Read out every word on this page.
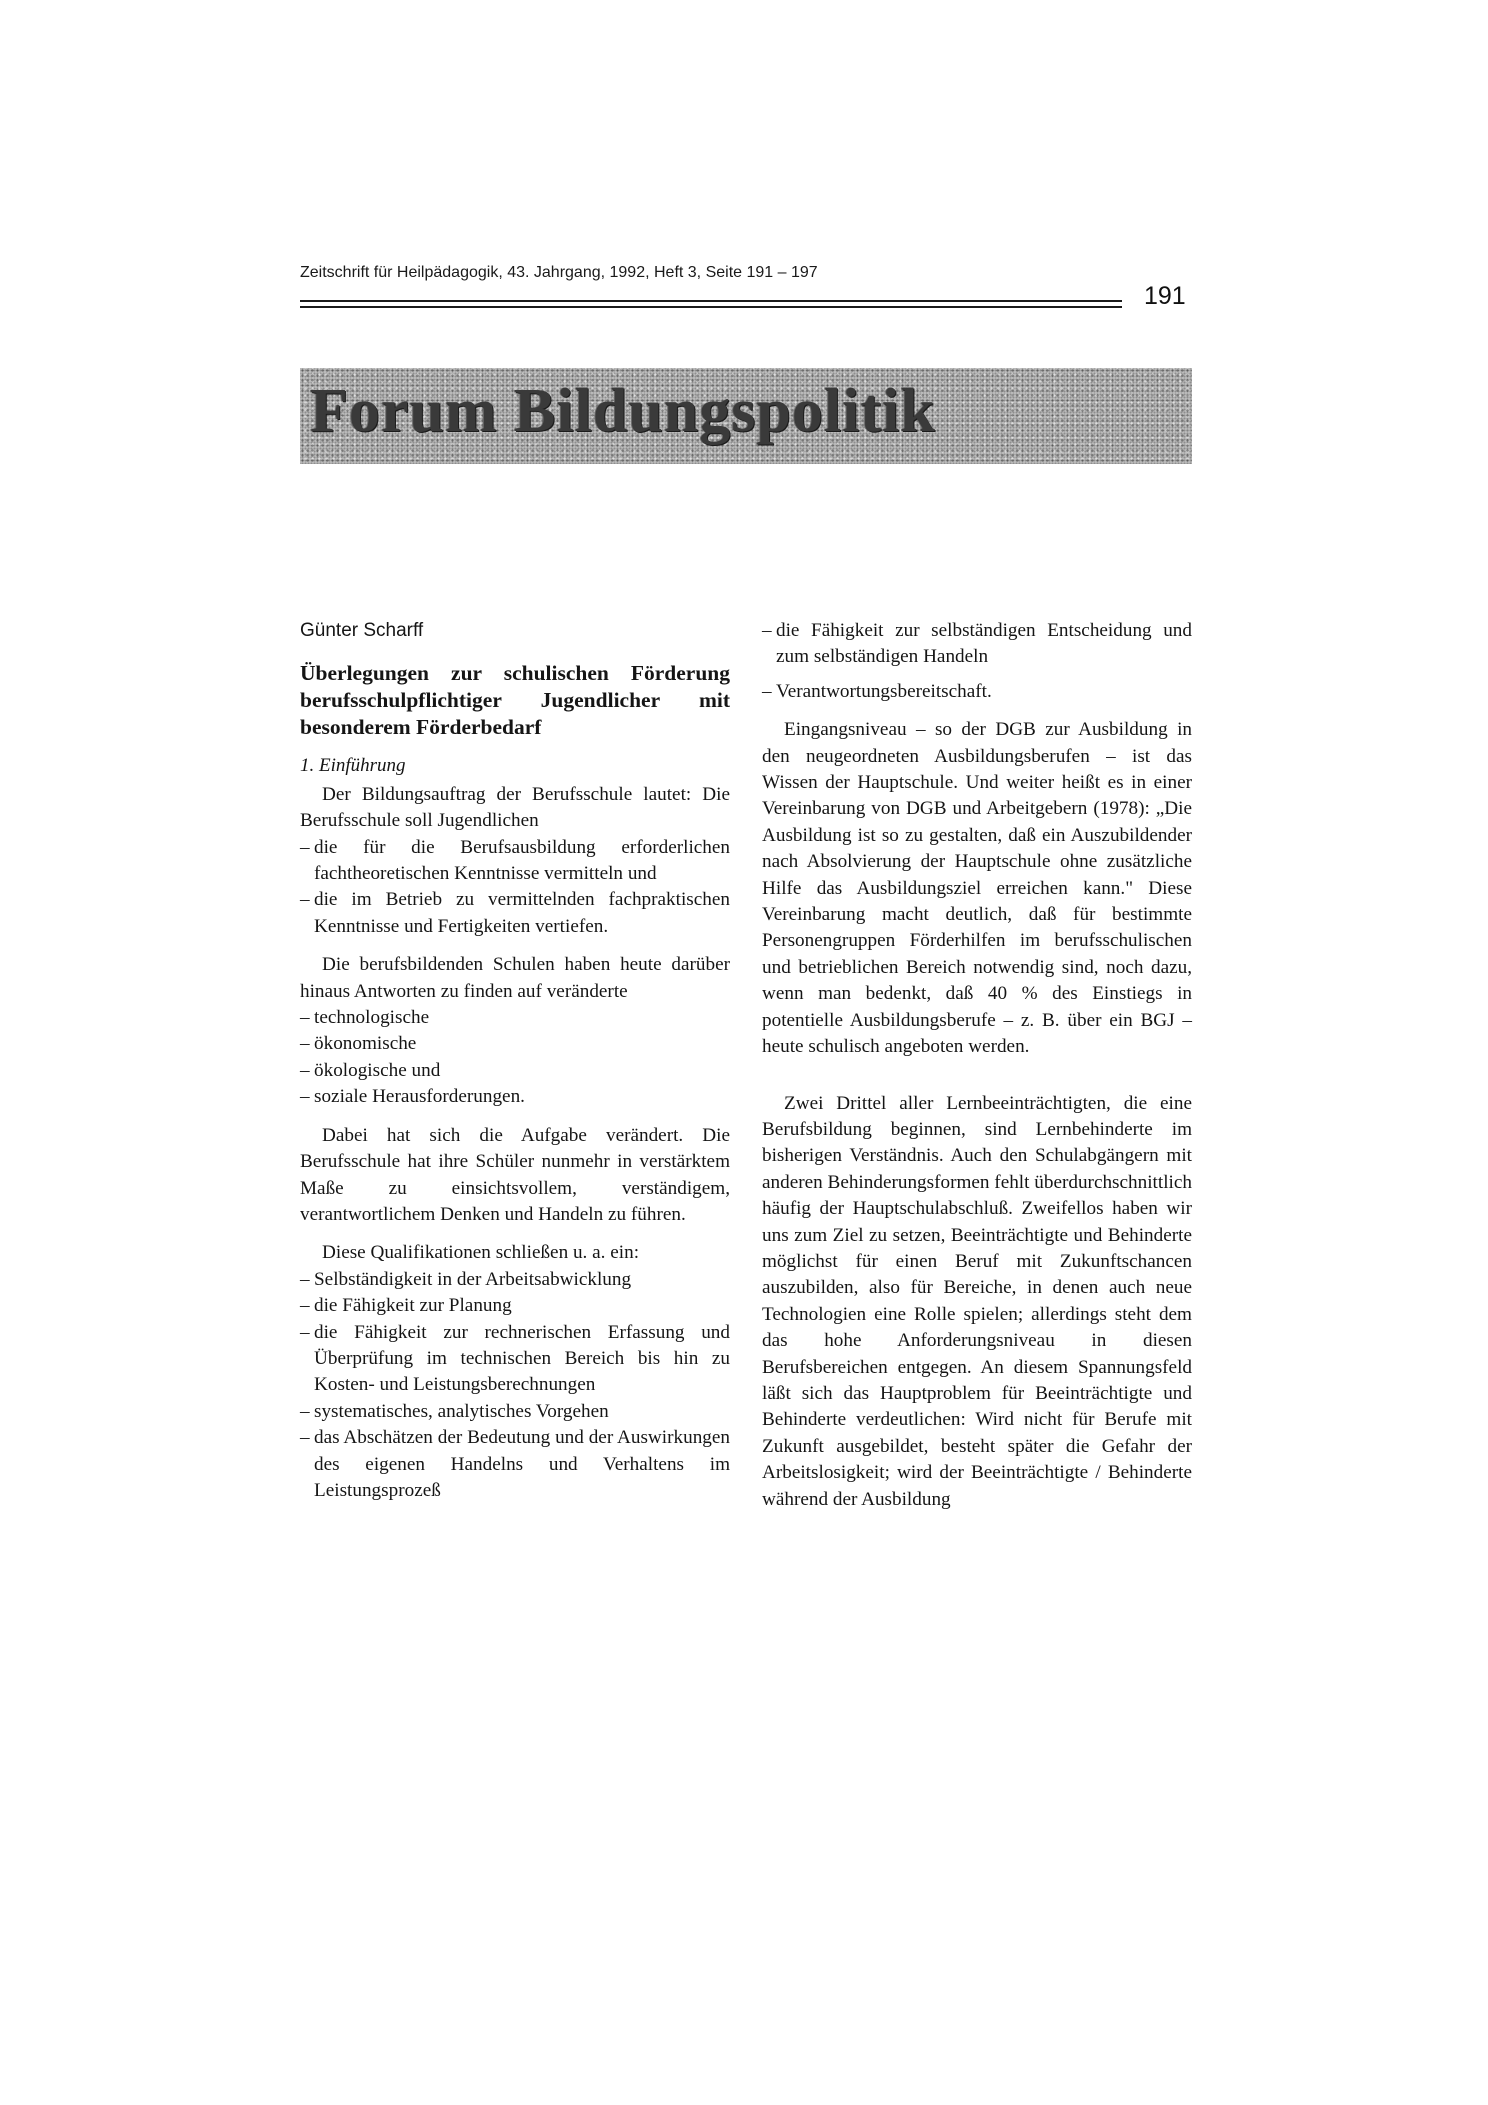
Zeitschrift für Heilpädagogik, 43. Jahrgang, 1992, Heft 3, Seite 191 – 197
191
Forum Bildungspolitik
Günter Scharff
Überlegungen zur schulischen Förderung berufsschulpflichtiger Jugendlicher mit besonderem Förderbedarf
1. Einführung

Der Bildungsauftrag der Berufsschule lautet: Die Berufsschule soll Jugendlichen

– die für die Berufsausbildung erforderlichen fachtheoretischen Kenntnisse vermitteln und
– die im Betrieb zu vermittelnden fachpraktischen Kenntnisse und Fertigkeiten vertiefen.

Die berufsbildenden Schulen haben heute darüber hinaus Antworten zu finden auf veränderte

– technologische
– ökonomische
– ökologische und
– soziale Herausforderungen.

Dabei hat sich die Aufgabe verändert. Die Berufsschule hat ihre Schüler nunmehr in verstärktem Maße zu einsichtsvollem, verständigem, verantwortlichem Denken und Handeln zu führen.

Diese Qualifikationen schließen u. a. ein:

– Selbständigkeit in der Arbeitsabwicklung
– die Fähigkeit zur Planung
– die Fähigkeit zur rechnerischen Erfassung und Überprüfung im technischen Bereich bis hin zu Kosten- und Leistungsberechnungen
– systematisches, analytisches Vorgehen
– das Abschätzen der Bedeutung und der Auswirkungen des eigenen Handelns und Verhaltens im Leistungsprozeß
– die Fähigkeit zur selbständigen Entscheidung und zum selbständigen Handeln
– Verantwortungsbereitschaft.

Eingangsniveau – so der DGB zur Ausbildung in den neugeordneten Ausbildungsberufen – ist das Wissen der Hauptschule. Und weiter heißt es in einer Vereinbarung von DGB und Arbeitgebern (1978): „Die Ausbildung ist so zu gestalten, daß ein Auszubildender nach Absolvierung der Hauptschule ohne zusätzliche Hilfe das Ausbildungsziel erreichen kann." Diese Vereinbarung macht deutlich, daß für bestimmte Personengruppen Förderhilfen im berufsschulischen und betrieblichen Bereich notwendig sind, noch dazu, wenn man bedenkt, daß 40 % des Einstiegs in potentielle Ausbildungsberufe – z. B. über ein BGJ – heute schulisch angeboten werden.

Zwei Drittel aller Lernbeeinträchtigten, die eine Berufsbildung beginnen, sind Lernbehinderte im bisherigen Verständnis. Auch den Schulabgängern mit anderen Behinderungsformen fehlt überdurchschnittlich häufig der Hauptschulabschluß. Zweifellos haben wir uns zum Ziel zu setzen, Beeinträchtigte und Behinderte möglichst für einen Beruf mit Zukunftschancen auszubilden, also für Bereiche, in denen auch neue Technologien eine Rolle spielen; allerdings steht dem das hohe Anforderungsniveau in diesen Berufsbereichen entgegen. An diesem Spannungsfeld läßt sich das Hauptproblem für Beeinträchtigte und Behinderte verdeutlichen: Wird nicht für Berufe mit Zukunft ausgebildet, besteht später die Gefahr der Arbeitslosigkeit; wird der Beeinträchtigte / Behinderte während der Ausbildung
